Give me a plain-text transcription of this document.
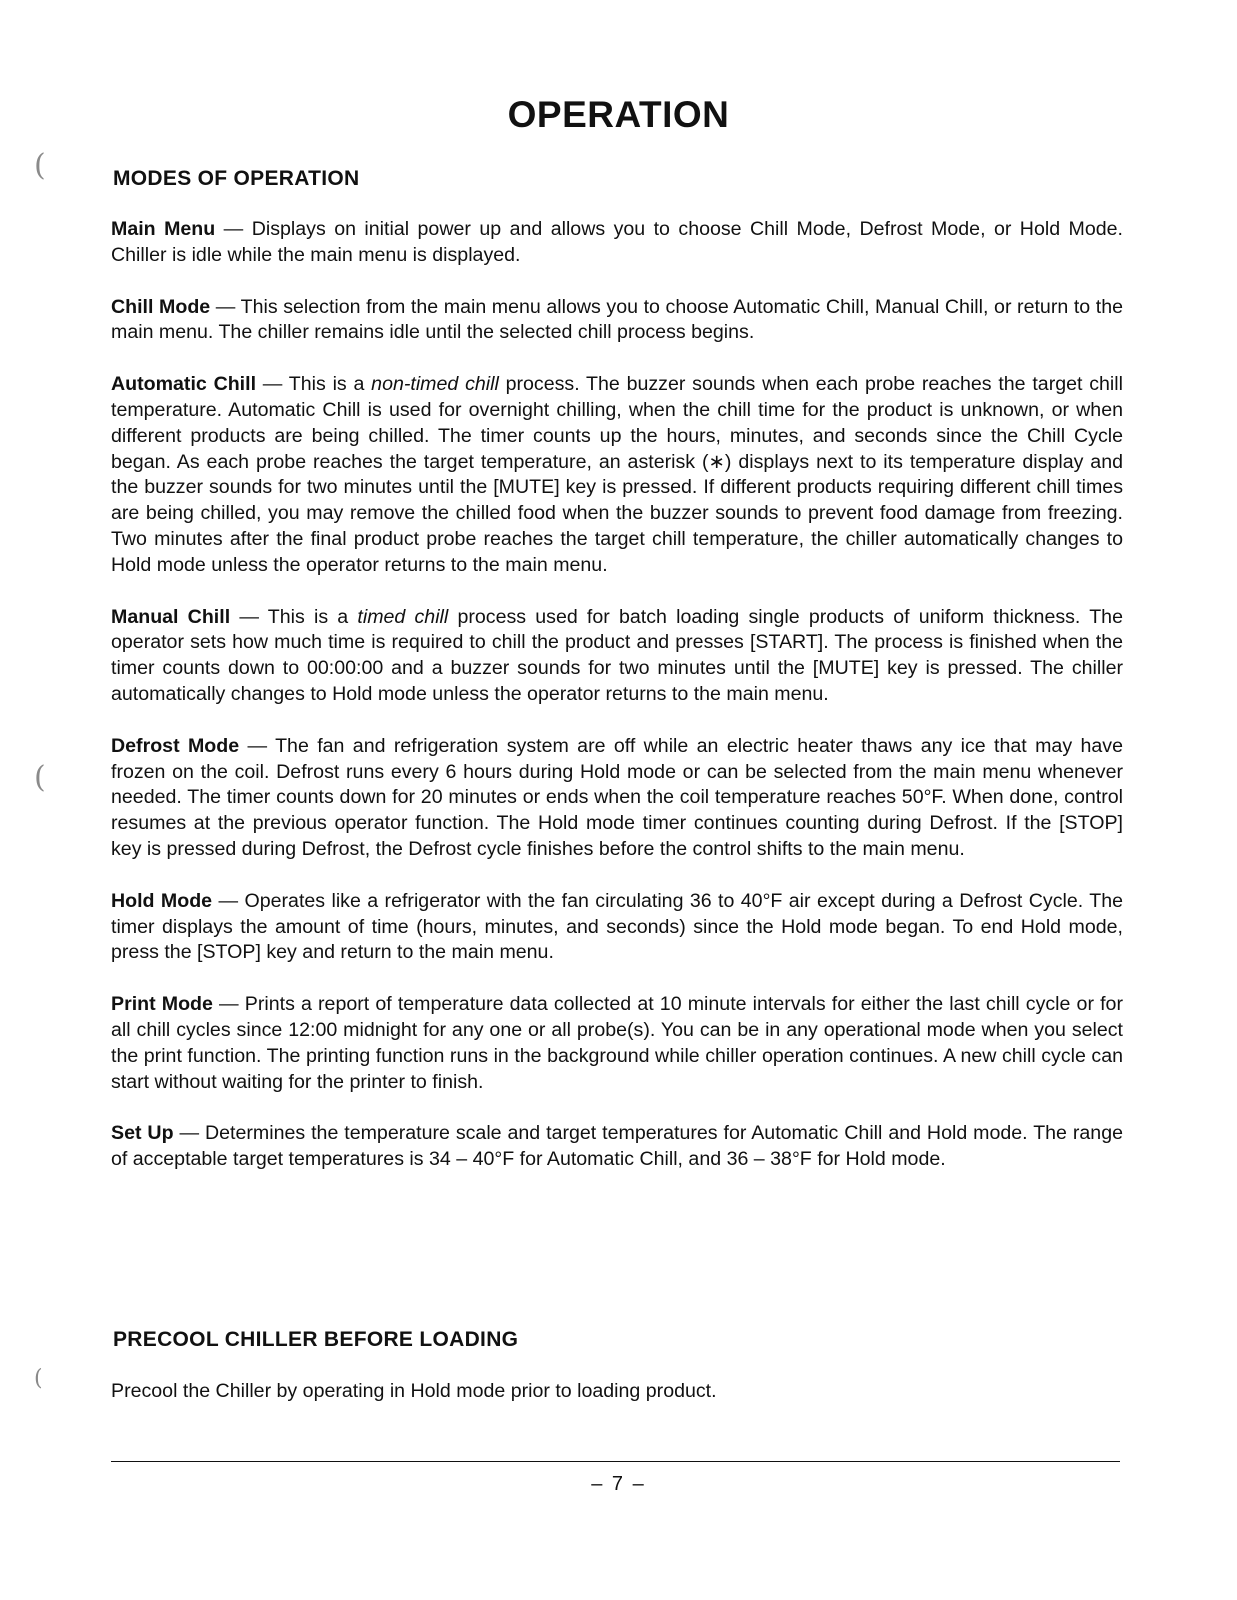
(
(
(
OPERATION
MODES OF OPERATION

Main Menu — Displays on initial power up and allows you to choose Chill Mode, Defrost Mode, or Hold Mode. Chiller is idle while the main menu is displayed.

Chill Mode — This selection from the main menu allows you to choose Automatic Chill, Manual Chill, or return to the main menu. The chiller remains idle until the selected chill process begins.

Automatic Chill — This is a non-timed chill process. The buzzer sounds when each probe reaches the target chill temperature. Automatic Chill is used for overnight chilling, when the chill time for the product is unknown, or when different products are being chilled. The timer counts up the hours, minutes, and seconds since the Chill Cycle began. As each probe reaches the target temperature, an asterisk (∗) displays next to its temperature display and the buzzer sounds for two minutes until the [MUTE] key is pressed. If different products requiring different chill times are being chilled, you may remove the chilled food when the buzzer sounds to prevent food damage from freezing. Two minutes after the final product probe reaches the target chill temperature, the chiller automatically changes to Hold mode unless the operator returns to the main menu.

Manual Chill — This is a timed chill process used for batch loading single products of uniform thickness. The operator sets how much time is required to chill the product and presses [START]. The process is finished when the timer counts down to 00:00:00 and a buzzer sounds for two minutes until the [MUTE] key is pressed. The chiller automatically changes to Hold mode unless the operator returns to the main menu.

Defrost Mode — The fan and refrigeration system are off while an electric heater thaws any ice that may have frozen on the coil. Defrost runs every 6 hours during Hold mode or can be selected from the main menu whenever needed. The timer counts down for 20 minutes or ends when the coil temperature reaches 50°F. When done, control resumes at the previous operator function. The Hold mode timer continues counting during Defrost. If the [STOP] key is pressed during Defrost, the Defrost cycle finishes before the control shifts to the main menu.

Hold Mode — Operates like a refrigerator with the fan circulating 36 to 40°F air except during a Defrost Cycle. The timer displays the amount of time (hours, minutes, and seconds) since the Hold mode began. To end Hold mode, press the [STOP] key and return to the main menu.

Print Mode — Prints a report of temperature data collected at 10 minute intervals for either the last chill cycle or for all chill cycles since 12:00 midnight for any one or all probe(s). You can be in any operational mode when you select the print function. The printing function runs in the background while chiller operation continues. A new chill cycle can start without waiting for the printer to finish.

Set Up — Determines the temperature scale and target temperatures for Automatic Chill and Hold mode. The range of acceptable target temperatures is 34 – 40°F for Automatic Chill, and 36 – 38°F for Hold mode.

PRECOOL CHILLER BEFORE LOADING

Precool the Chiller by operating in Hold mode prior to loading product.

– 7 –
